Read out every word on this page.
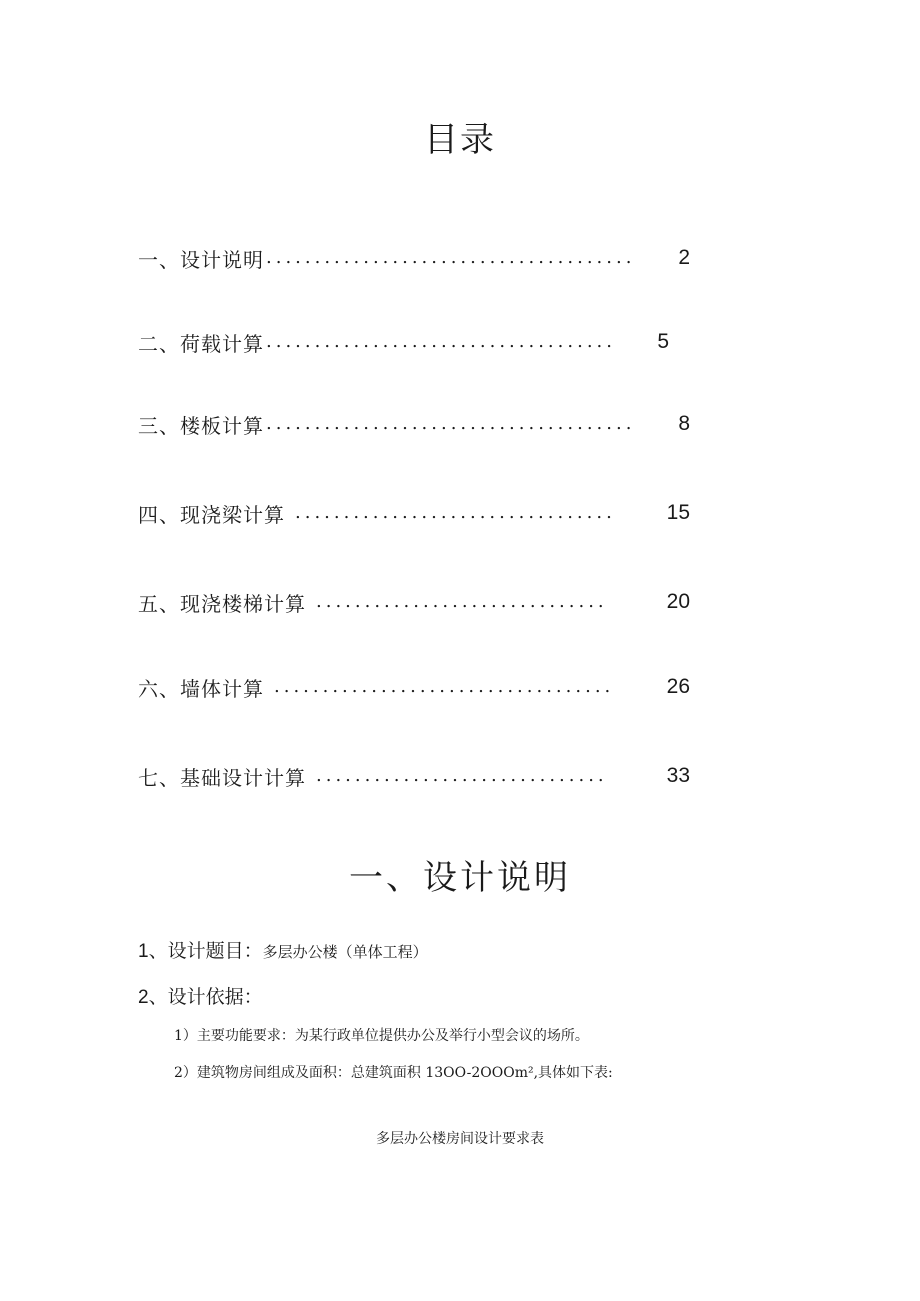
目录
一、设计说明 ......................................	2
二、荷载计算 ....................................	5
三、楼板计算 ......................................	8
四、现浇梁计算 .................................	15
五、现浇楼梯计算 ..............................	20
六、墙体计算 ...................................	26
七、基础设计计算 ..............................	33
一、设计说明
1、设计题目：多层办公楼（单体工程）
2、设计依据：
1）主要功能要求：为某行政单位提供办公及举行小型会议的场所。
2）建筑物房间组成及面积：总建筑面积 13OO-2OOOm²,具体如下表:
多层办公楼房间设计要求表
